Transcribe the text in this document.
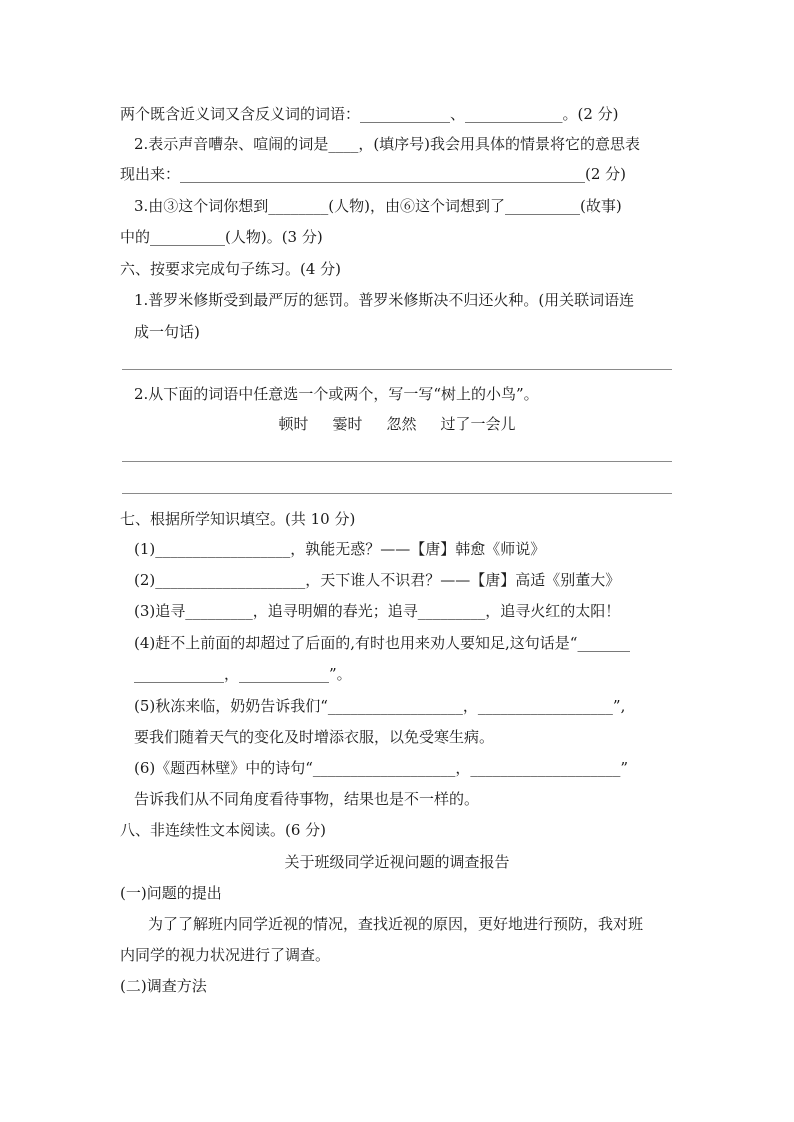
两个既含近义词又含反义词的词语：____________、_____________。(2 分)
2.表示声音嘈杂、喧闹的词是____，(填序号)我会用具体的情景将它的意思表
现出来：______________________________________________________(2 分)
3.由③这个词你想到________(人物)，由⑥这个词想到了__________(故事)
中的__________(人物)。(3 分)
六、按要求完成句子练习。(4 分)
1.普罗米修斯受到最严厉的惩罚。普罗米修斯决不归还火种。(用关联词语连
成一句话)
2.从下面的词语中任意选一个或两个，写一写“树上的小鸟”。
顿时 霎时 忽然 过了一会儿
七、根据所学知识填空。(共 10 分)
(1)__________________，孰能无惑？——【唐】韩愈《师说》
(2)____________________，天下谁人不识君？——【唐】高适《别董大》
(3)追寻_________，追寻明媚的春光；追寻_________，追寻火红的太阳！
(4)赶不上前面的却超过了后面的,有时也用来劝人要知足,这句话是“_______
____________，____________”。
(5)秋冻来临，奶奶告诉我们“__________________，__________________”,
要我们随着天气的变化及时增添衣服，以免受寒生病。
(6)《题西林壁》中的诗句“___________________，____________________”
告诉我们从不同角度看待事物，结果也是不一样的。
八、非连续性文本阅读。(6 分)
关于班级同学近视问题的调查报告
(一)问题的提出
为了了解班内同学近视的情况，查找近视的原因，更好地进行预防，我对班
内同学的视力状况进行了调查。
(二)调查方法
